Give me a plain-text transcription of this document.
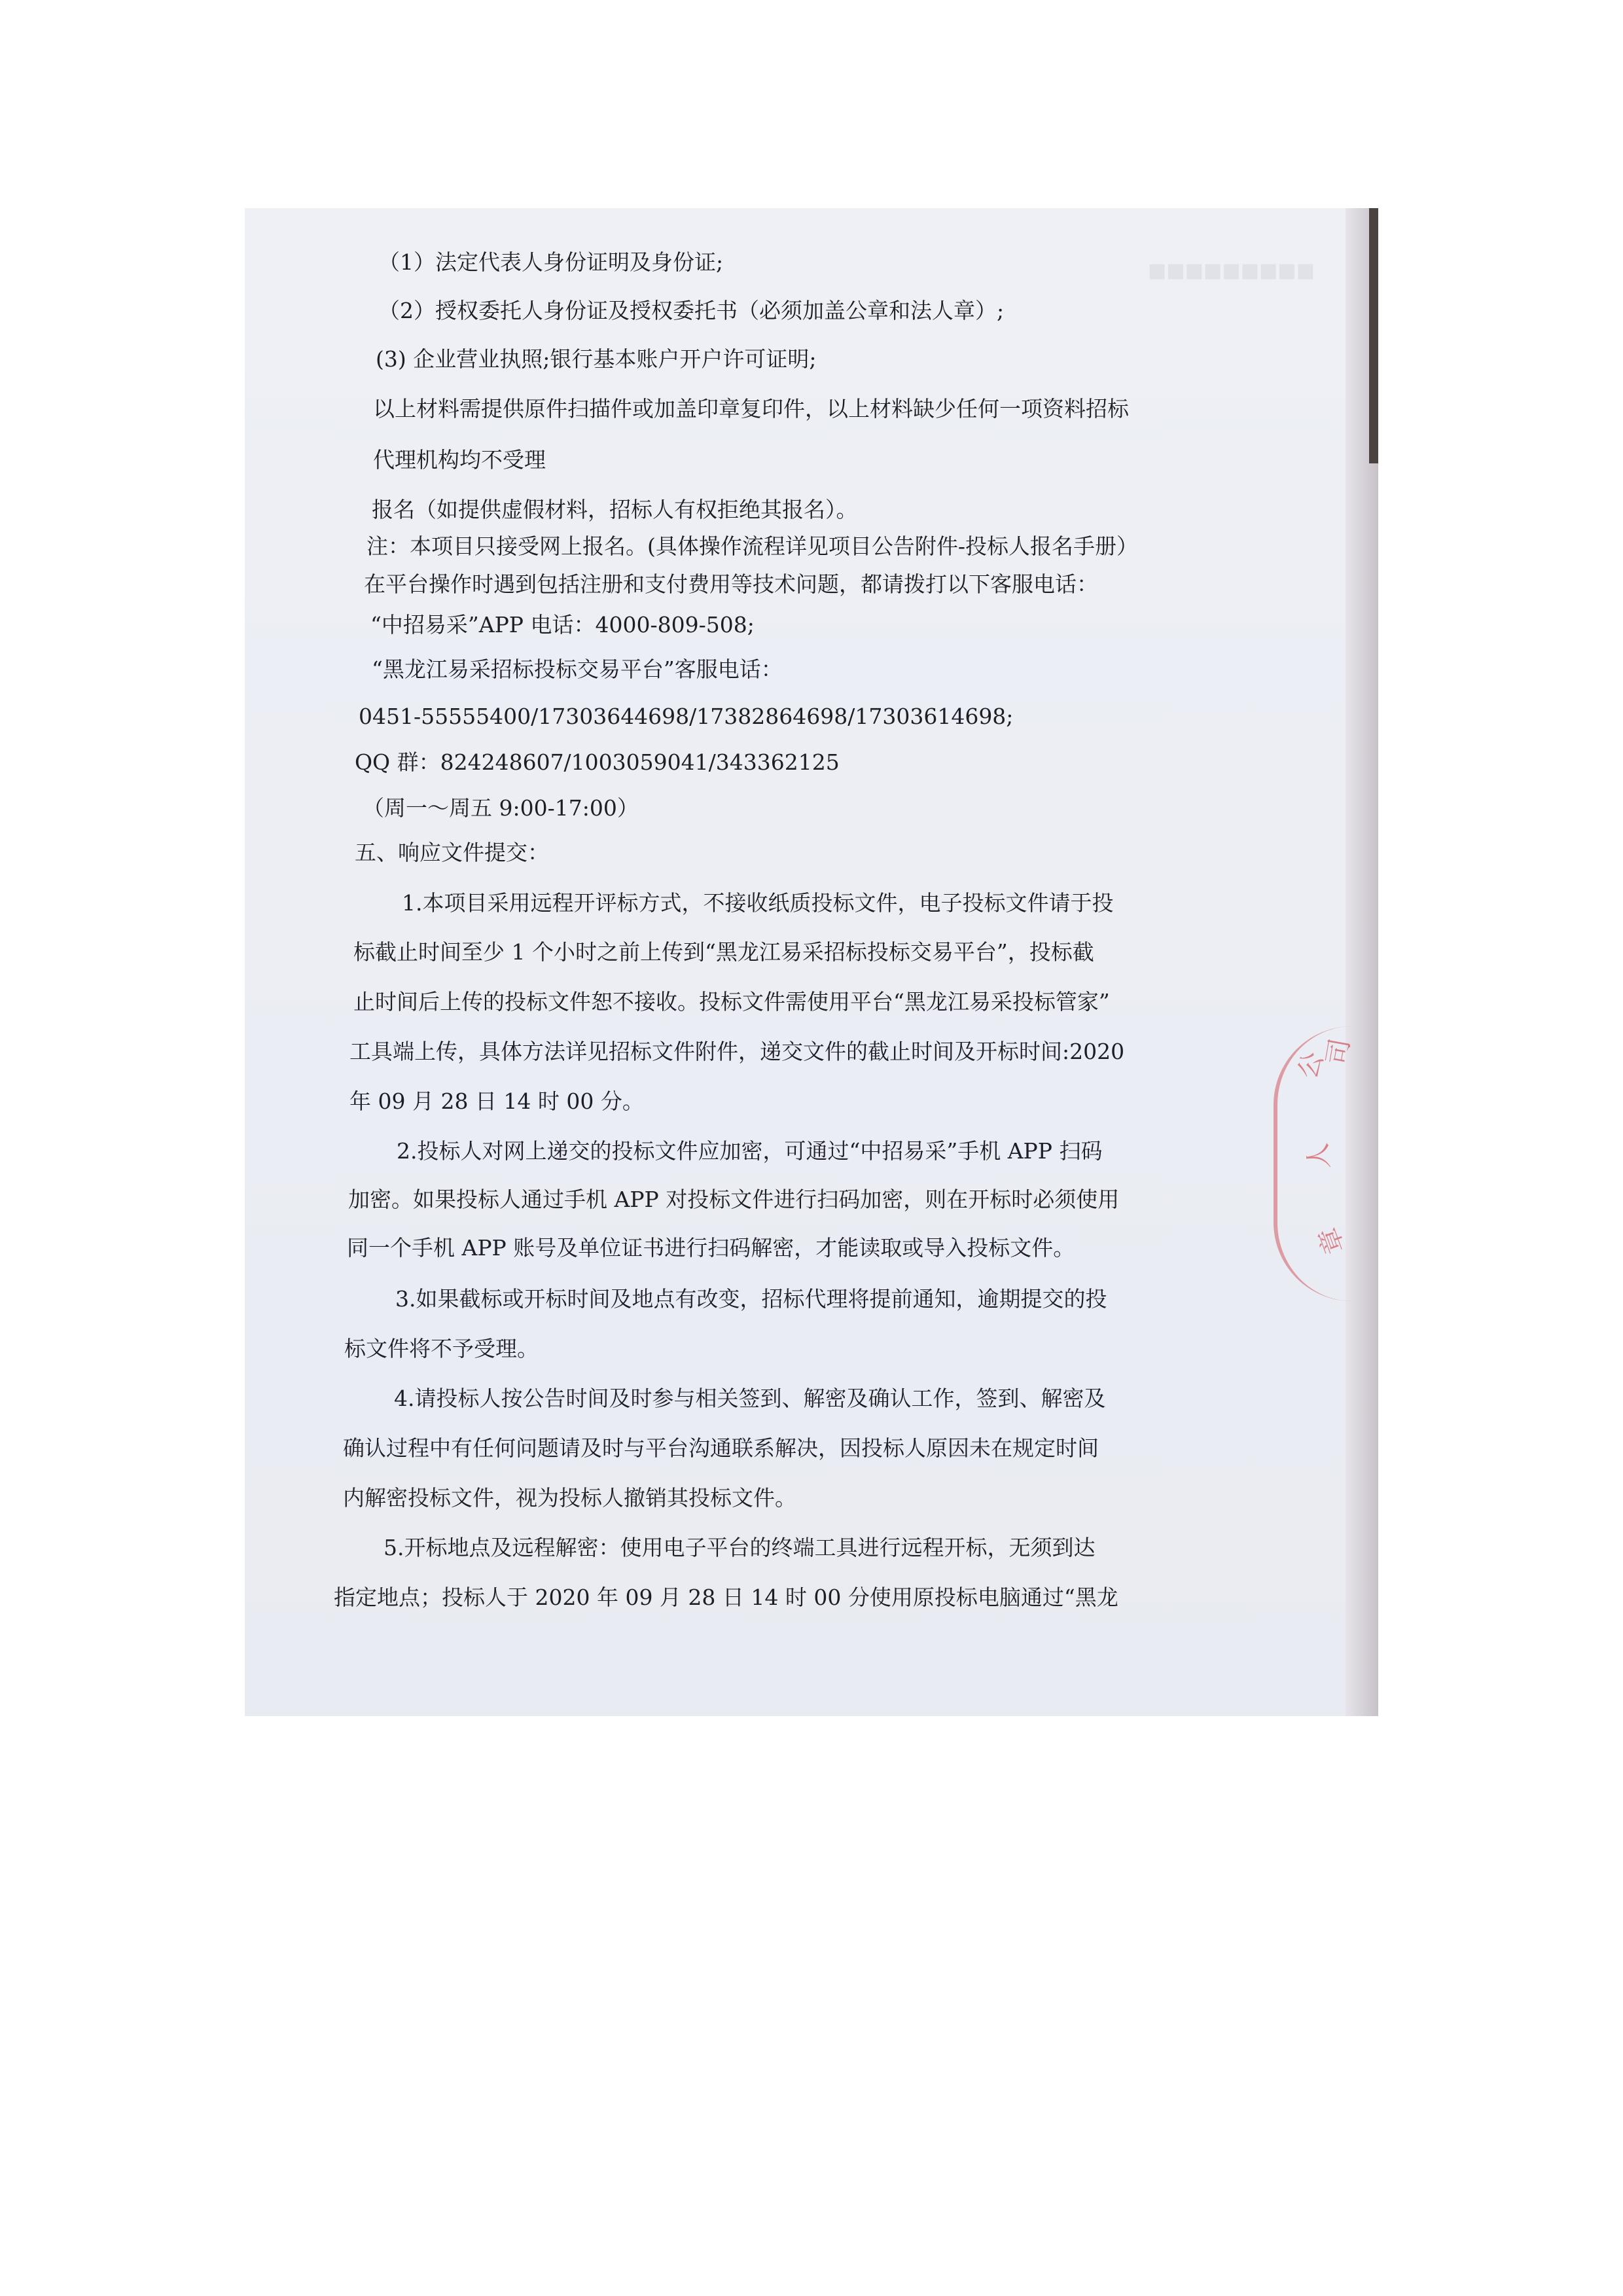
■■■■■■■■■
（1）法定代表人身份证明及身份证;
（2）授权委托人身份证及授权委托书（必须加盖公章和法人章）;
(3) 企业营业执照;银行基本账户开户许可证明;
以上材料需提供原件扫描件或加盖印章复印件，以上材料缺少任何一项资料招标
代理机构均不受理
报名（如提供虚假材料，招标人有权拒绝其报名）。
注：本项目只接受网上报名。(具体操作流程详见项目公告附件-投标人报名手册）
在平台操作时遇到包括注册和支付费用等技术问题，都请拨打以下客服电话：
“中招易采”APP 电话：4000-809-508;
“黑龙江易采招标投标交易平台”客服电话：
0451-55555400/17303644698/17382864698/17303614698;
QQ 群：824248607/1003059041/343362125
（周一～周五 9:00-17:00）
五、响应文件提交：
1.本项目采用远程开评标方式，不接收纸质投标文件，电子投标文件请于投
标截止时间至少 1 个小时之前上传到“黑龙江易采招标投标交易平台”，投标截
止时间后上传的投标文件恕不接收。投标文件需使用平台“黑龙江易采投标管家”
工具端上传，具体方法详见招标文件附件，递交文件的截止时间及开标时间:2020
年 09 月 28 日 14 时 00 分。
2.投标人对网上递交的投标文件应加密，可通过“中招易采”手机 APP 扫码
加密。如果投标人通过手机 APP 对投标文件进行扫码加密，则在开标时必须使用
同一个手机 APP 账号及单位证书进行扫码解密，才能读取或导入投标文件。
3.如果截标或开标时间及地点有改变，招标代理将提前通知，逾期提交的投
标文件将不予受理。
4.请投标人按公告时间及时参与相关签到、解密及确认工作，签到、解密及
确认过程中有任何问题请及时与平台沟通联系解决，因投标人原因未在规定时间
内解密投标文件，视为投标人撤销其投标文件。
5.开标地点及远程解密：使用电子平台的终端工具进行远程开标，无须到达
指定地点；投标人于 2020 年 09 月 28 日 14 时 00 分使用原投标电脑通过“黑龙
公
司
人
章
